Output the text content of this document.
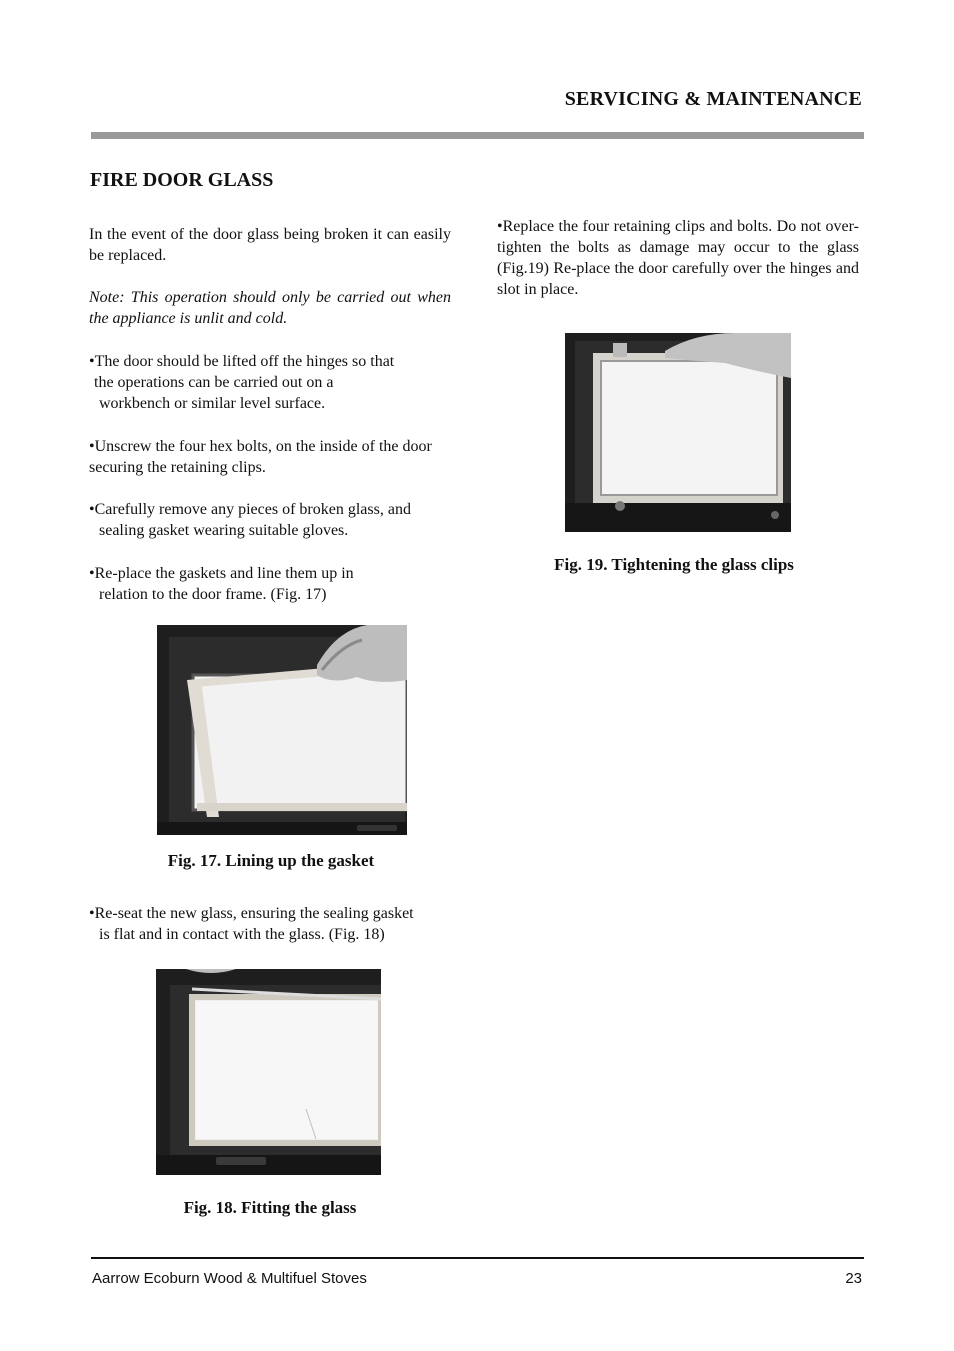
SERVICING & MAINTENANCE
FIRE DOOR GLASS

In the event of the door glass being broken it can easily be replaced.

Note: This operation should only be carried out when the appliance is unlit and cold.

•The door should be lifted off the hinges so that
the operations can be carried out on a
workbench or similar level surface.

•Unscrew the four hex bolts, on the inside of the door securing the retaining clips.

•Carefully remove any pieces of broken glass, and
sealing gasket wearing suitable gloves.
•Re-place the gaskets and line them up in
relation to the door frame. (Fig. 17)
Fig. 17. Lining up the gasket
•Re-seat the new glass, ensuring the sealing gasket
is flat and in contact with the glass. (Fig. 18)
Fig. 18. Fitting the glass

•Replace the four retaining clips and bolts. Do not over-tighten the bolts as damage may occur to the glass (Fig.19) Re-place the door carefully over the hinges and slot in place.

Fig. 19. Tightening the glass clips
Aarrow Ecoburn Wood & Multifuel Stoves	23
